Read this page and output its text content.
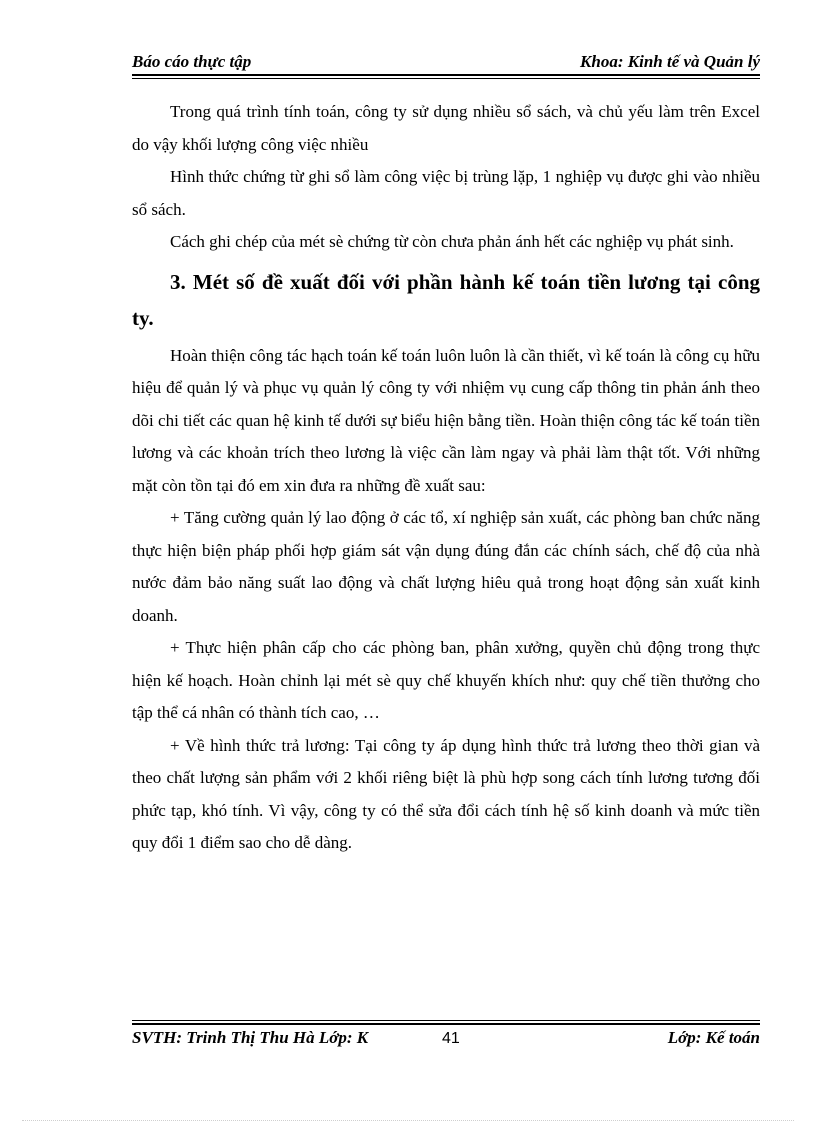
Báo cáo thực tập	Khoa: Kinh tế và Quản lý

Trong quá trình tính toán, công ty sử dụng nhiều sổ sách, và chủ yếu làm trên Excel do vậy khối lượng công việc nhiều

Hình thức chứng từ ghi sổ làm công việc bị trùng lặp, 1 nghiệp vụ được ghi vào nhiều sổ sách.

Cách ghi chép của mét sè chứng từ còn chưa phản ánh hết các nghiệp vụ phát sinh.

3. Mét số đề xuất đối với phần hành kế toán tiền lương tại công ty.

Hoàn thiện công tác hạch toán kế toán luôn luôn là cần thiết, vì kế toán là công cụ hữu hiệu để quản lý và phục vụ quản lý công ty với nhiệm vụ cung cấp thông tin phản ánh theo dõi chi tiết các quan hệ kinh tế dưới sự biểu hiện bằng tiền. Hoàn thiện công tác kế toán tiền lương và các khoản trích theo lương là việc cần làm ngay và phải làm thật tốt. Với những mặt còn tồn tại đó em xin đưa ra những đề xuất sau:

+ Tăng cường quản lý lao động ở các tổ, xí nghiệp sản xuất, các phòng ban chức năng thực hiện biện pháp phối hợp giám sát vận dụng đúng đắn các chính sách, chế độ của nhà nước đảm bảo năng suất lao động và chất lượng hiêu quả trong hoạt động sản xuất kinh doanh.

+ Thực hiện phân cấp cho các phòng ban, phân xưởng, quyền chủ động trong thực hiện kế hoạch. Hoàn chỉnh lại mét sè quy chế khuyến khích như: quy chế tiền thưởng cho tập thể cá nhân có thành tích cao, …

+ Về hình thức trả lương: Tại công ty áp dụng hình thức trả lương theo thời gian và theo chất lượng sản phẩm với 2 khối riêng biệt là phù hợp song cách tính lương tương đối phức tạp, khó tính. Vì vậy, công ty có thể sửa đổi cách tính hệ số kinh doanh và mức tiền quy đổi 1 điểm sao cho dễ dàng.

SVTH: Trinh Thị Thu Hà Lớp: K	41	Lớp: Kế toán
